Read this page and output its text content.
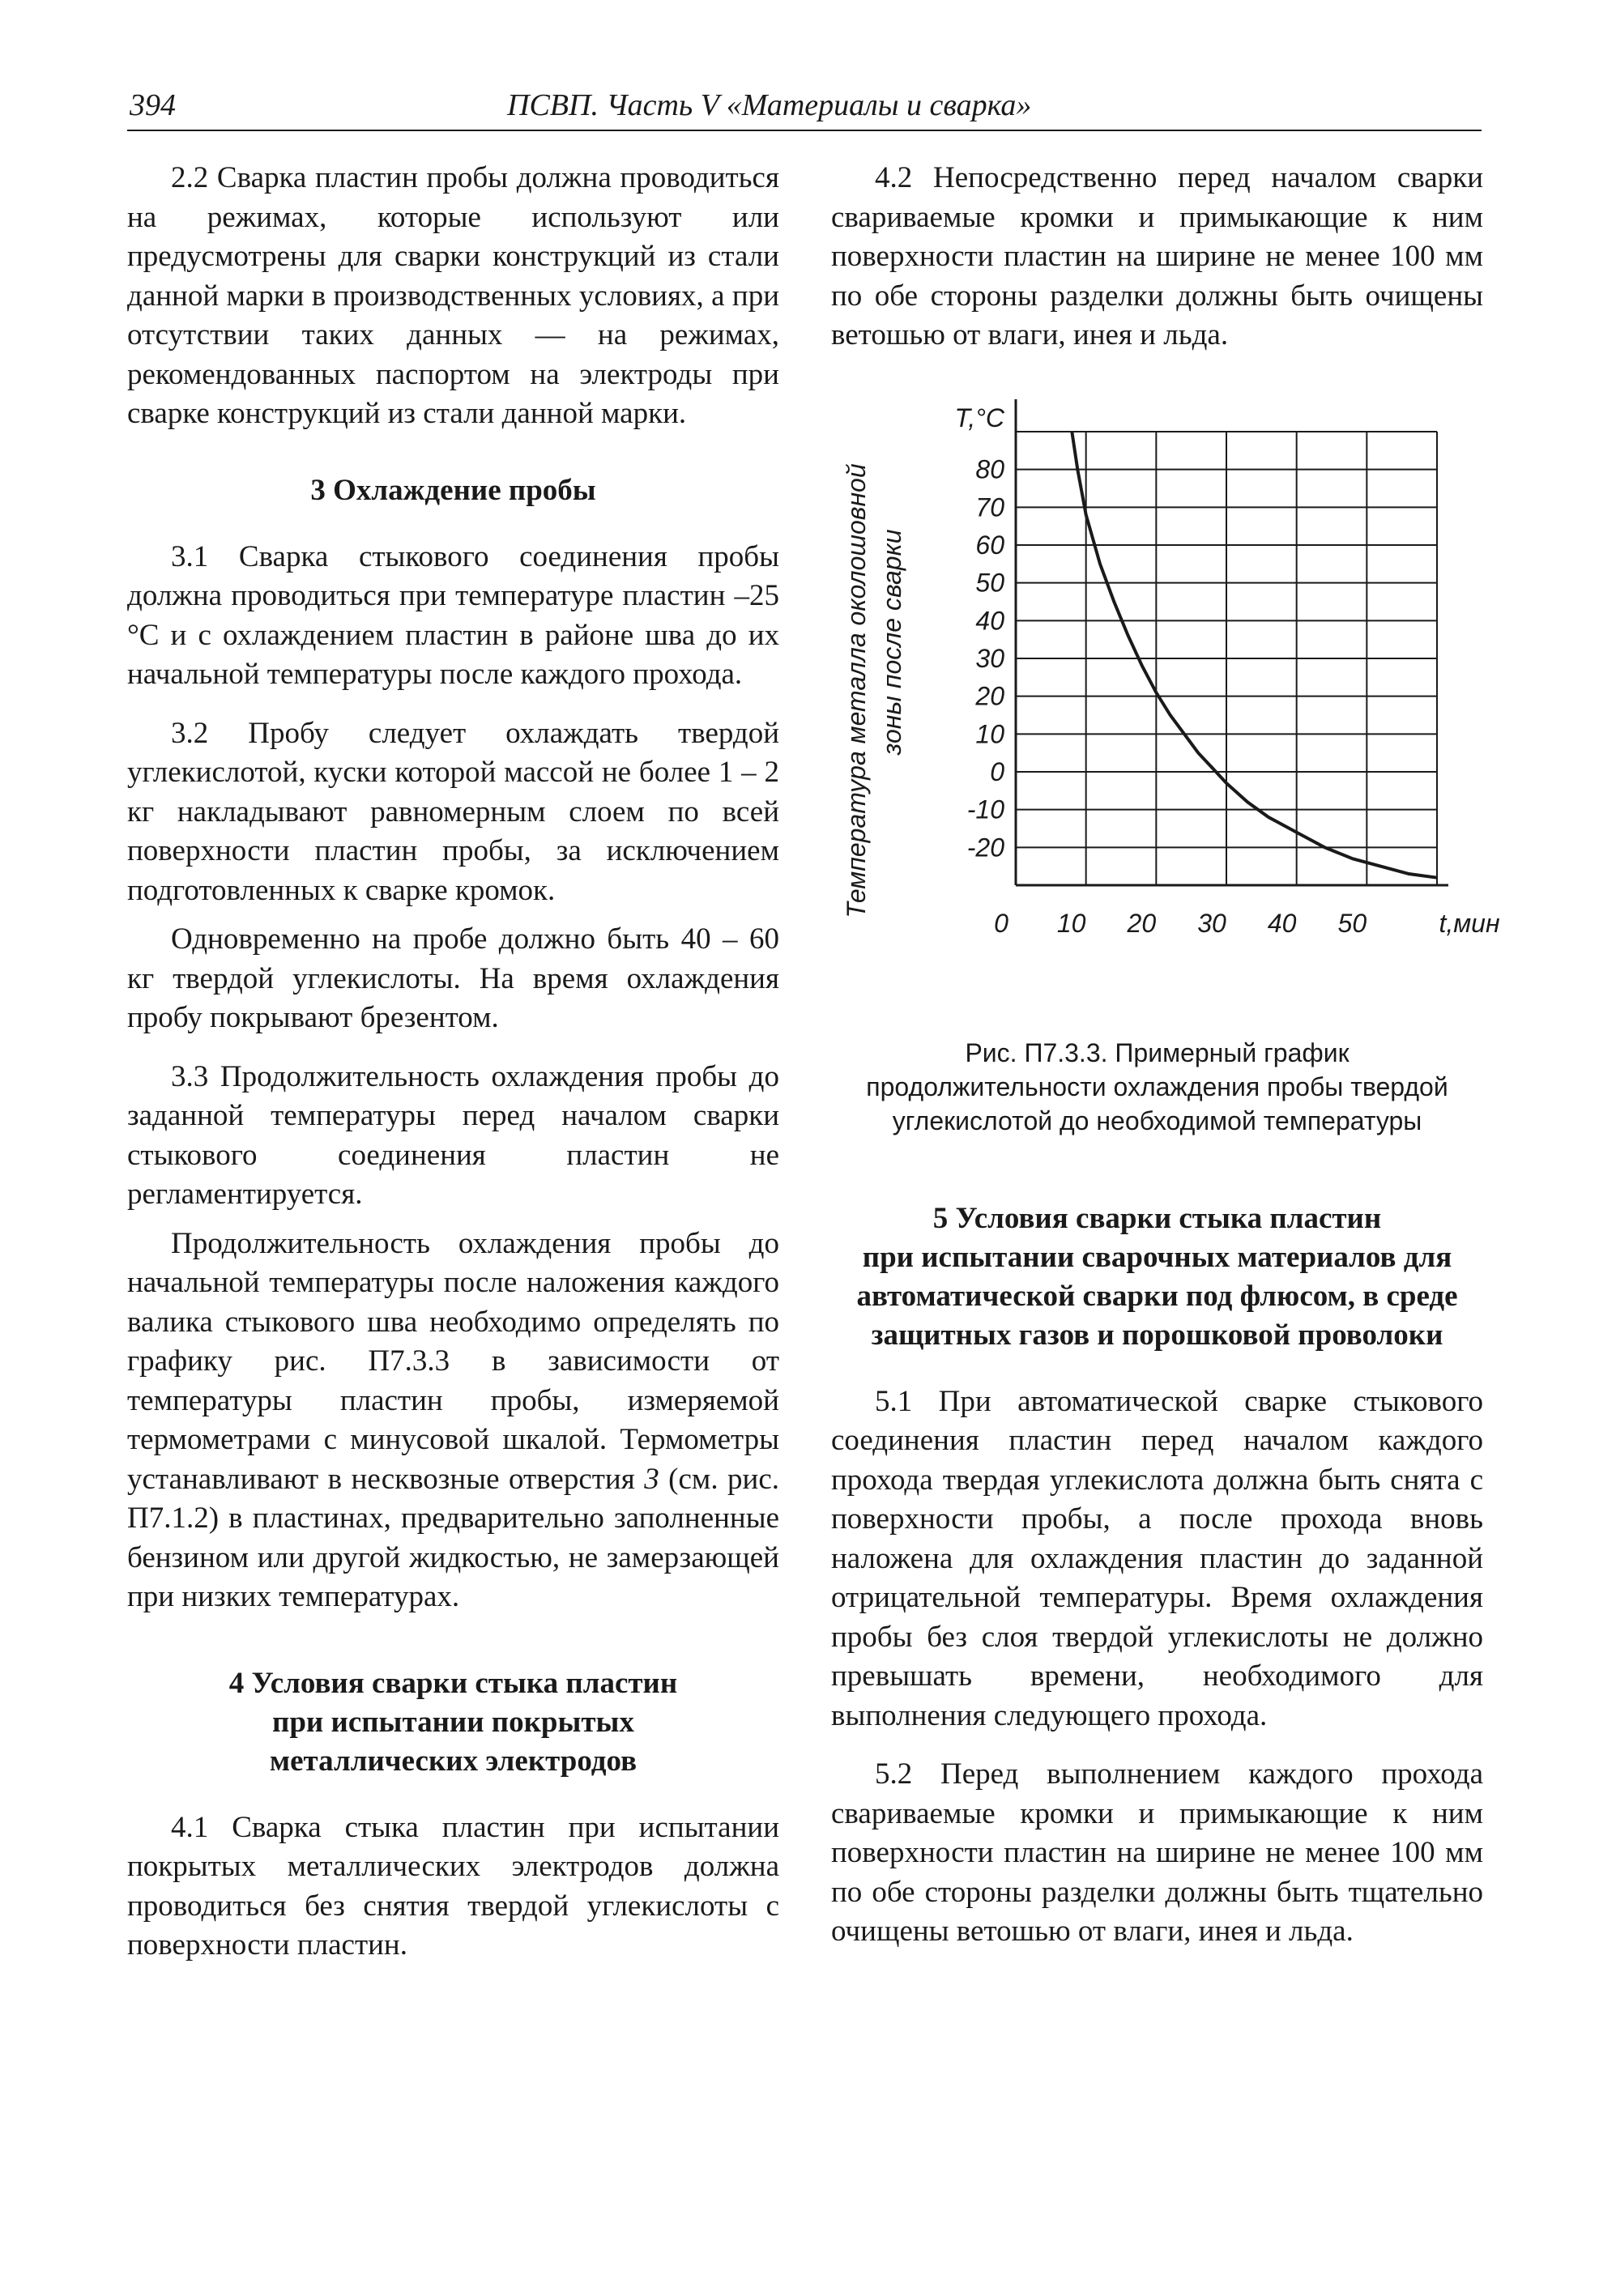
394	ПСВП. Часть V «Материалы и сварка»

2.2 Сварка пластин пробы должна проводиться на режимах, которые используют или предусмотрены для сварки конструкций из стали данной марки в производственных условиях, а при отсутствии таких данных — на режимах, рекомендованных паспортом на электроды при сварке конструкций из стали данной марки.

3 Охлаждение пробы

3.1 Сварка стыкового соединения пробы должна проводиться при температуре пластин –25 °С и с охлаждением пластин в районе шва до их начальной температуры после каждого прохода.

3.2 Пробу следует охлаждать твердой углекислотой, куски которой массой не более 1 – 2 кг накладывают равномерным слоем по всей поверхности пластин пробы, за исключением подготовленных к сварке кромок.

Одновременно на пробе должно быть 40 – 60 кг твердой углекислоты. На время охлаждения пробу покрывают брезентом.

3.3 Продолжительность охлаждения пробы до заданной температуры перед началом сварки стыкового соединения пластин не регламентируется.

Продолжительность охлаждения пробы до начальной температуры после наложения каждого валика стыкового шва необходимо определять по графику рис. П7.3.3 в зависимости от температуры пластин пробы, измеряемой термометрами с минусовой шкалой. Термометры устанавливают в несквозные отверстия 3 (см. рис. П7.1.2) в пластинах, предварительно заполненные бензином или другой жидкостью, не замерзающей при низких температурах.

4 Условия сварки стыка пластин

при испытании покрытых

металлических электродов

4.1 Сварка стыка пластин при испытании покрытых металлических электродов должна проводиться без снятия твердой углекислоты с поверхности пластин.

4.2 Непосредственно перед началом сварки свариваемые кромки и примыкающие к ним поверхности пластин на ширине не менее 100 мм по обе стороны разделки должны быть очищены ветошью от влаги, инея и льда.

80
70
60
50
40
30
20
10
0
-10
-20
Т,°С
0 10 20 30 40 50	t,мин
Температура металла околошовной зоны после сварки

Рис. П7.3.3. Примерный график

продолжительности охлаждения пробы твердой

углекислотой до необходимой температуры

5 Условия сварки стыка пластин

при испытании сварочных материалов для

автоматической сварки под флюсом, в среде

защитных газов и порошковой проволоки

5.1 При автоматической сварке стыкового соединения пластин перед началом каждого прохода твердая углекислота должна быть снята с поверхности пробы, а после прохода вновь наложена для охлаждения пластин до заданной отрицательной температуры. Время охлаждения пробы без слоя твердой углекислоты не должно превышать времени, необходимого для выполнения следующего прохода.

5.2 Перед выполнением каждого прохода свариваемые кромки и примыкающие к ним поверхности пластин на ширине не менее 100 мм по обе стороны разделки должны быть тщательно очищены ветошью от влаги, инея и льда.
